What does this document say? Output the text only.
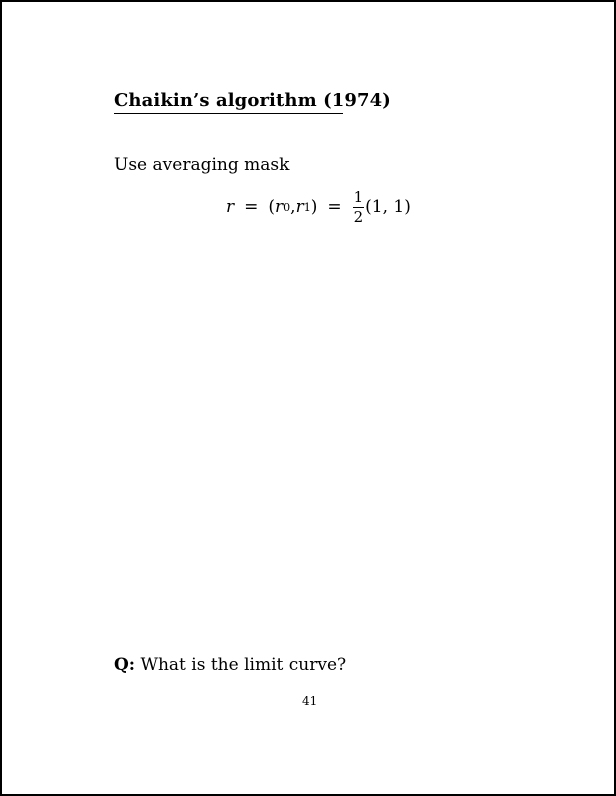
Chaikin’s algorithm (1974)
Use averaging mask
r = ( r 0 , r 1 ) = $\frac{1}{2} (1$, 1)
Q: What is the limit curve?
41
